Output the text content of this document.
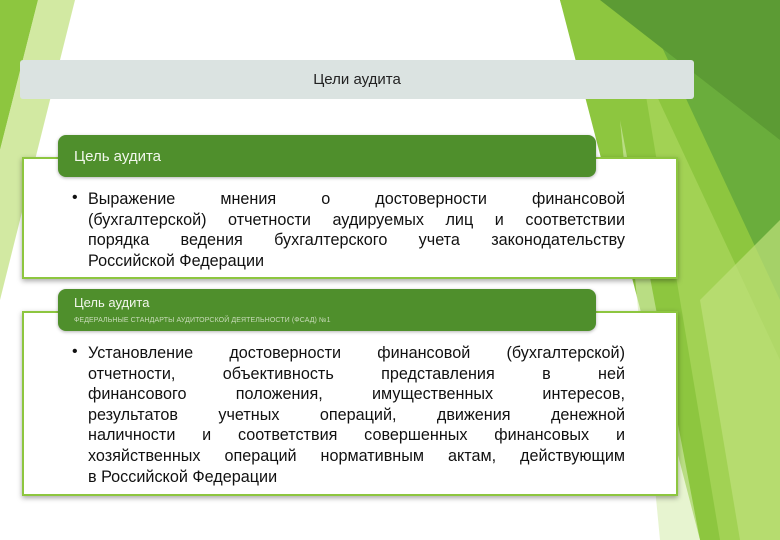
Цели аудита
Цель аудита
• Выражение мнения о достоверности финансовой
(бухгалтерской) отчетности аудируемых лиц и соответствии
порядка ведения бухгалтерского учета законодательству
Российской Федерации
Цель аудита
ФЕДЕРАЛЬНЫЕ СТАНДАРТЫ АУДИТОРСКОЙ ДЕЯТЕЛЬНОСТИ (ФСАД) №1
• Установление достоверности финансовой (бухгалтерской)
отчетности, объективность представления в ней
финансового положения, имущественных интересов,
результатов учетных операций, движения денежной
наличности и соответствия совершенных финансовых и
хозяйственных операций нормативным актам, действующим
в Российской Федерации
